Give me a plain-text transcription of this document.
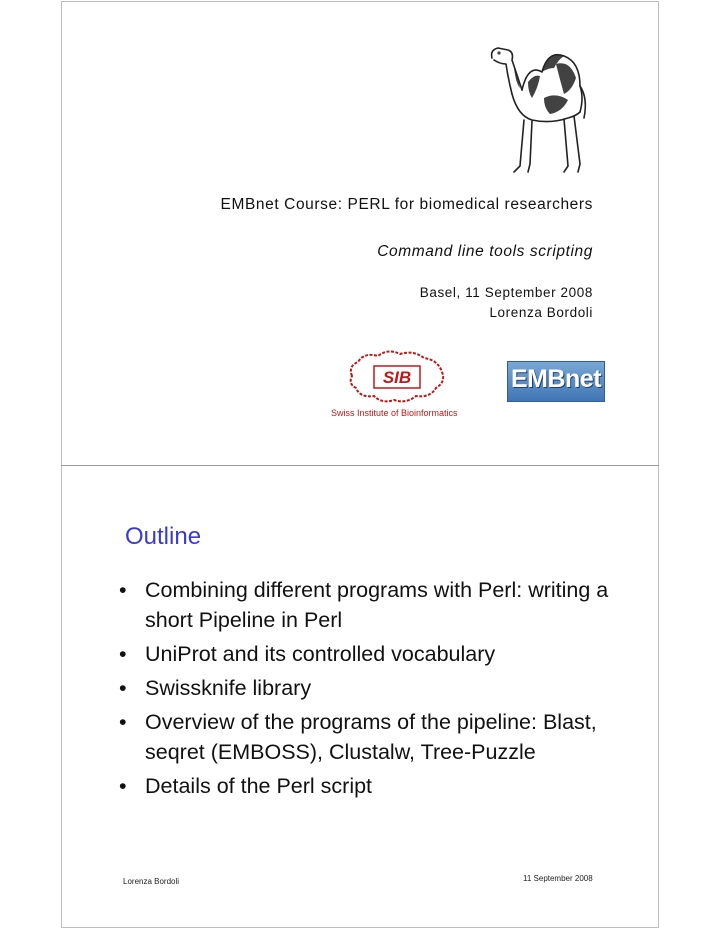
EMBnet Course: PERL for biomedical researchers
Command line tools scripting
Basel, 11 September 2008
Lorenza Bordoli
SIB
Swiss Institute of Bioinformatics
EMBnet
Outline
• Combining different programs with Perl: writing a short Pipeline in Perl
• UniProt and its controlled vocabulary
• Swissknife library
• Overview of the programs of the pipeline: Blast, seqret (EMBOSS), Clustalw, Tree-Puzzle
• Details of the Perl script
Lorenza Bordoli	11 September 2008
